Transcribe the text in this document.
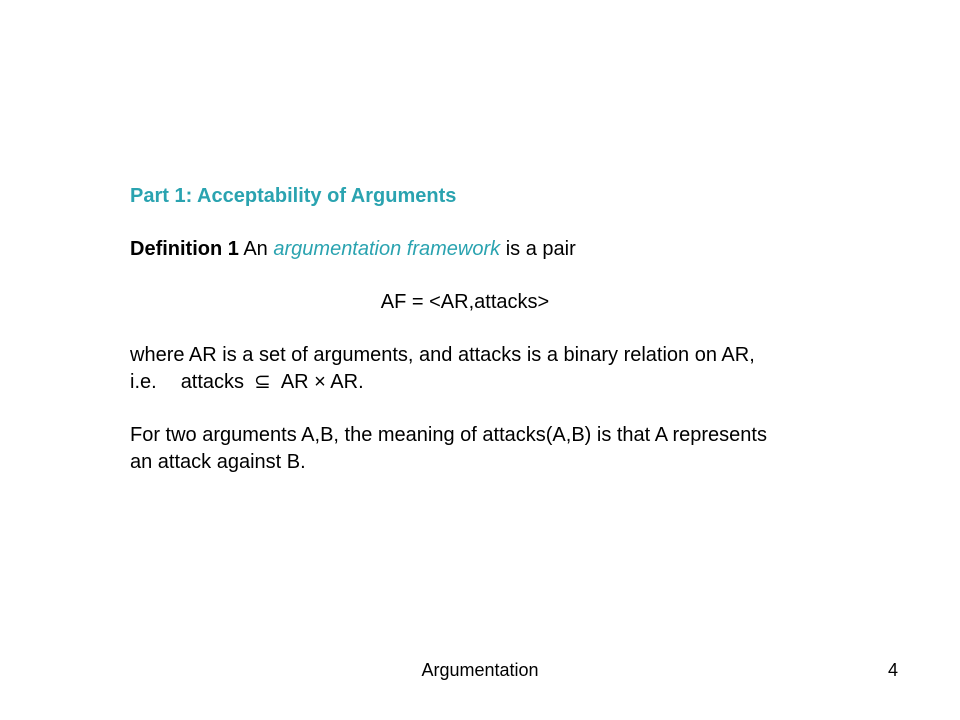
Part 1: Acceptability of Arguments
Definition 1 An argumentation framework is a pair
AF = <AR,attacks>
where AR is a set of arguments, and attacks is a binary relation on AR,
i.e. attacks ⊆ AR × AR.
For two arguments A,B, the meaning of attacks(A,B) is that A represents
an attack against B.
Argumentation	4
